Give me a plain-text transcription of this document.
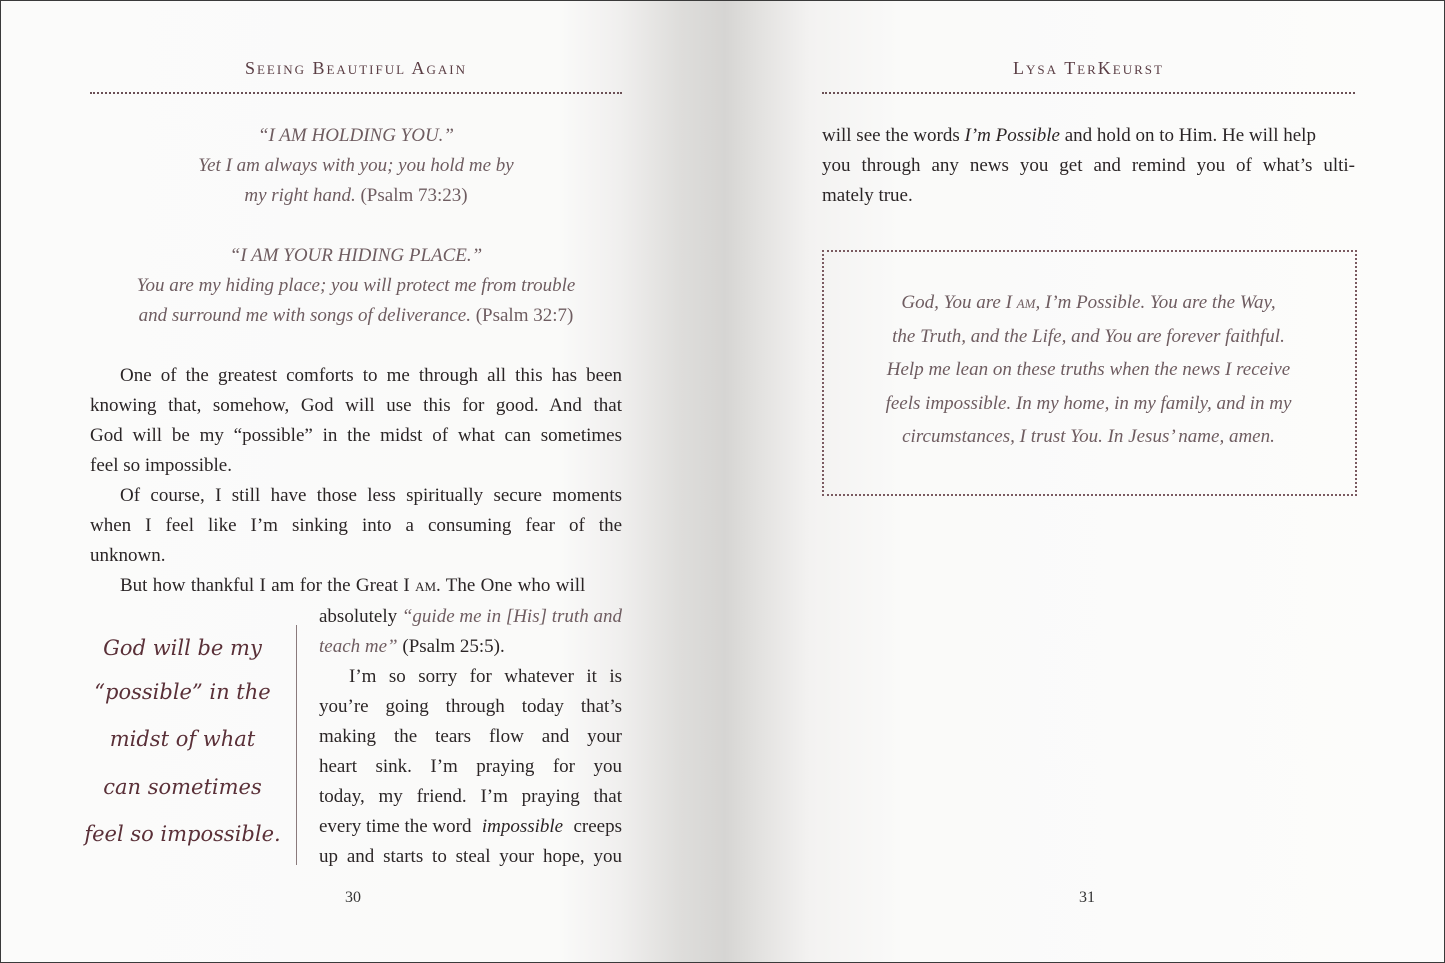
Seeing Beautiful Again
“I AM HOLDING YOU.”
Yet I am always with you; you hold me by
my right hand. (Psalm 73:23)
“I AM YOUR HIDING PLACE.”
You are my hiding place; you will protect me from trouble
and surround me with songs of deliverance. (Psalm 32:7)
One of the greatest comforts to me through all this has been
knowing that, somehow, God will use this for good. And that
God will be my “possible” in the midst of what can sometimes
feel so impossible.
Of course, I still have those less spiritually secure moments
when I feel like I’m sinking into a consuming fear of the
unknown.
But how thankful I am for the Great I am. The One who will
absolutely “guide me in [His] truth and
teach me” (Psalm 25:5).
I’m so sorry for whatever it is
you’re going through today that’s
making the tears flow and your
heart sink. I’m praying for you
today, my friend. I’m praying that
every time the word impossible creeps
up and starts to steal your hope, you
God will be my
“possible” in the
midst of what
can sometimes
feel so impossible.
30
Lysa TerKeurst
will see the words I’m Possible and hold on to Him. He will help
you through any news you get and remind you of what’s ulti-
mately true.
God, You are I am, I’m Possible. You are the Way,
the Truth, and the Life, and You are forever faithful.
Help me lean on these truths when the news I receive
feels impossible. In my home, in my family, and in my
circumstances, I trust You. In Jesus’ name, amen.
31
